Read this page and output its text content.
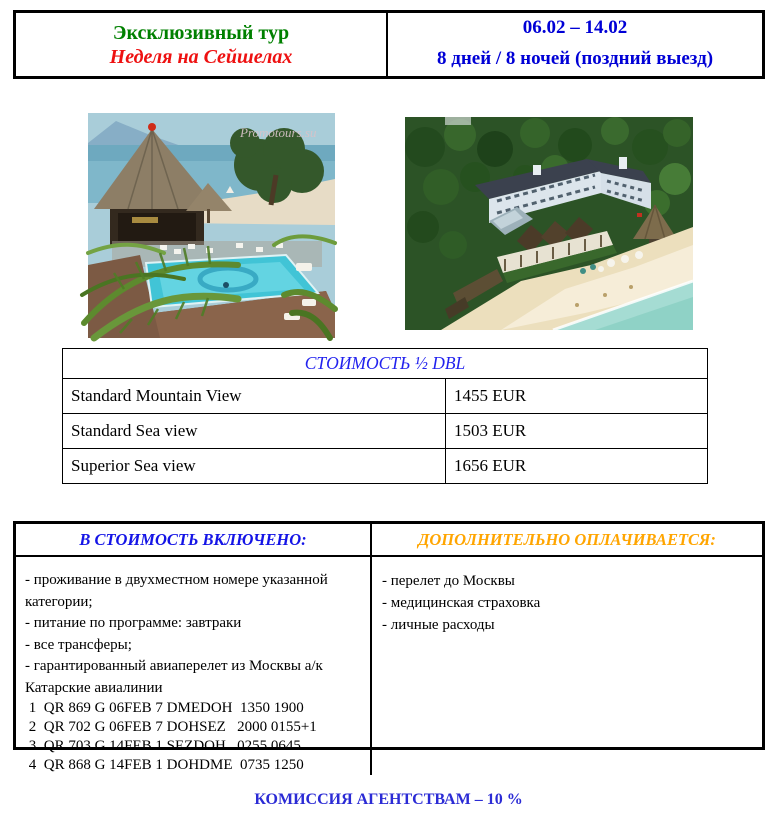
Эксклюзивный тур
Неделя на Сейшелах
06.02 – 14.02
8 дней / 8 ночей (поздний выезд)
Promotours.su
СТОИМОСТЬ ½ DBL	
Standard Mountain View	1455 EUR
Standard Sea view	1503 EUR
Superior Sea view	1656 EUR
В СТОИМОСТЬ ВКЛЮЧЕНО:	ДОПОЛНИТЕЛЬНО ОПЛАЧИВАЕТСЯ:
- проживание в двухместном номере указанной категории;
- питание по программе: завтраки
- все трансферы;
- гарантированный авиаперелет из Москвы а/к Катарские авиалинии
1  QR 869 G 06FEB 7 DMEDOH  1350 1900
2  QR 702 G 06FEB 7 DOHSEZ   2000 0155+1
3  QR 703 G 14FEB 1 SEZDOH   0255 0645
4  QR 868 G 14FEB 1 DOHDME  0735 1250
- перелет до Москвы
- медицинская страховка
- личные расходы
КОМИССИЯ АГЕНТСТВАМ – 10 %
